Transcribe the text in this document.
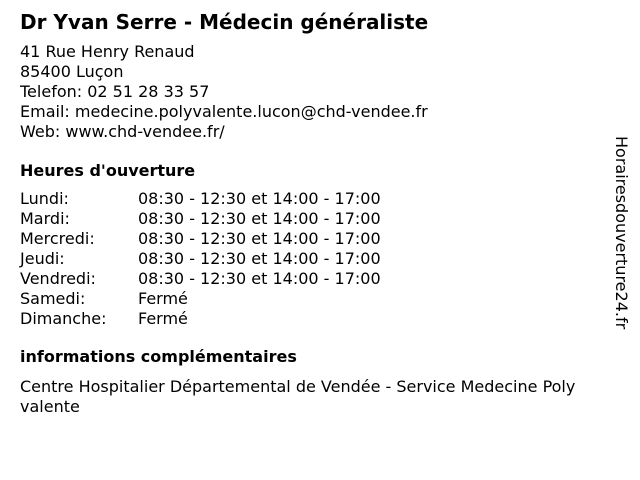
Dr Yvan Serre - Médecin généraliste
41 Rue Henry Renaud
85400 Luçon
Telefon: 02 51 28 33 57
Email: medecine.polyvalente.lucon@chd-vendee.fr
Web: www.chd-vendee.fr/
Heures d'ouverture
Lundi:	08:30 - 12:30 et 14:00 - 17:00
Mardi:	08:30 - 12:30 et 14:00 - 17:00
Mercredi:	08:30 - 12:30 et 14:00 - 17:00
Jeudi:	08:30 - 12:30 et 14:00 - 17:00
Vendredi:	08:30 - 12:30 et 14:00 - 17:00
Samedi:	Fermé
Dimanche:	Fermé
informations complémentaires
Centre Hospitalier Départemental de Vendée - Service Medecine Poly valente
Horairesdouverture24.fr
